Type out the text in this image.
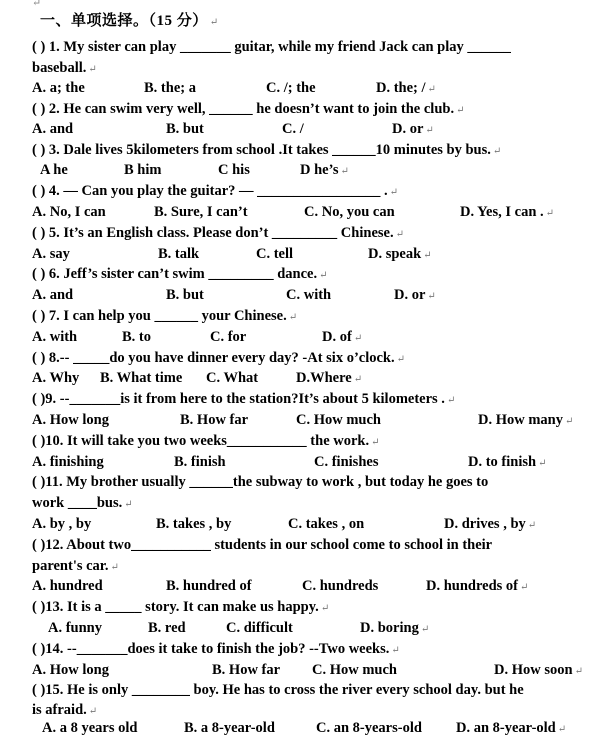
↵
一、单项选择。（15 分） ↵
( ) 1. My sister can play _______ guitar, while my friend Jack can play ______
baseball. ↵
A. a; the	B. the; a	C. /; the	D. the; / ↵
( ) 2. He can swim very well, ______ he doesn’t want to join the club. ↵
A. and	B. but	C. /	D. or ↵
( ) 3. Dale lives 5kilometers from school .It takes ______10 minutes by bus. ↵
A he	B him	C his	D he’s ↵
( ) 4. — Can you play the guitar? — _________________ . ↵
A. No, I can	B. Sure, I can’t	C. No, you can	D. Yes, I can . ↵
( ) 5. It’s an English class. Please don’t _________ Chinese. ↵
A. say	B. talk	C. tell	D. speak ↵
( ) 6. Jeff’s sister can’t swim _________ dance. ↵
A. and	B. but	C. with	D. or ↵
( ) 7. I can help you ______ your Chinese. ↵
A. with	B. to	C. for	D. of ↵
( ) 8.-- _____do you have dinner every day? -At six o’clock. ↵
A. Why B. What time C. What	D.Where ↵
( )9. --_______is it from here to the station?It’s about 5 kilometers . ↵
A. How long	B. How far	C. How much	D. How many ↵
( )10. It will take you two weeks___________ the work. ↵
A. finishing	B. finish	C. finishes	D. to finish ↵
( )11. My brother usually ______the subway to work , but today he goes to
work ____bus. ↵
A. by , by	B. takes , by	C. takes , on	D. drives , by ↵
( )12. About two___________ students in our school come to school in their
parent's car. ↵
A. hundred	B. hundred of	C. hundreds	D. hundreds of ↵
( )13. It is a _____ story. It can make us happy. ↵
A. funny	B. red	C. difficult	D. boring ↵
( )14. --_______does it take to finish the job? --Two weeks. ↵
A. How long	B. How far C. How much	D. How soon ↵
( )15. He is only ________ boy. He has to cross the river every school day. but he
is afraid. ↵
A. a 8 years old	B. a 8-year-old	C. an 8-years-old D. an 8-year-old ↵
